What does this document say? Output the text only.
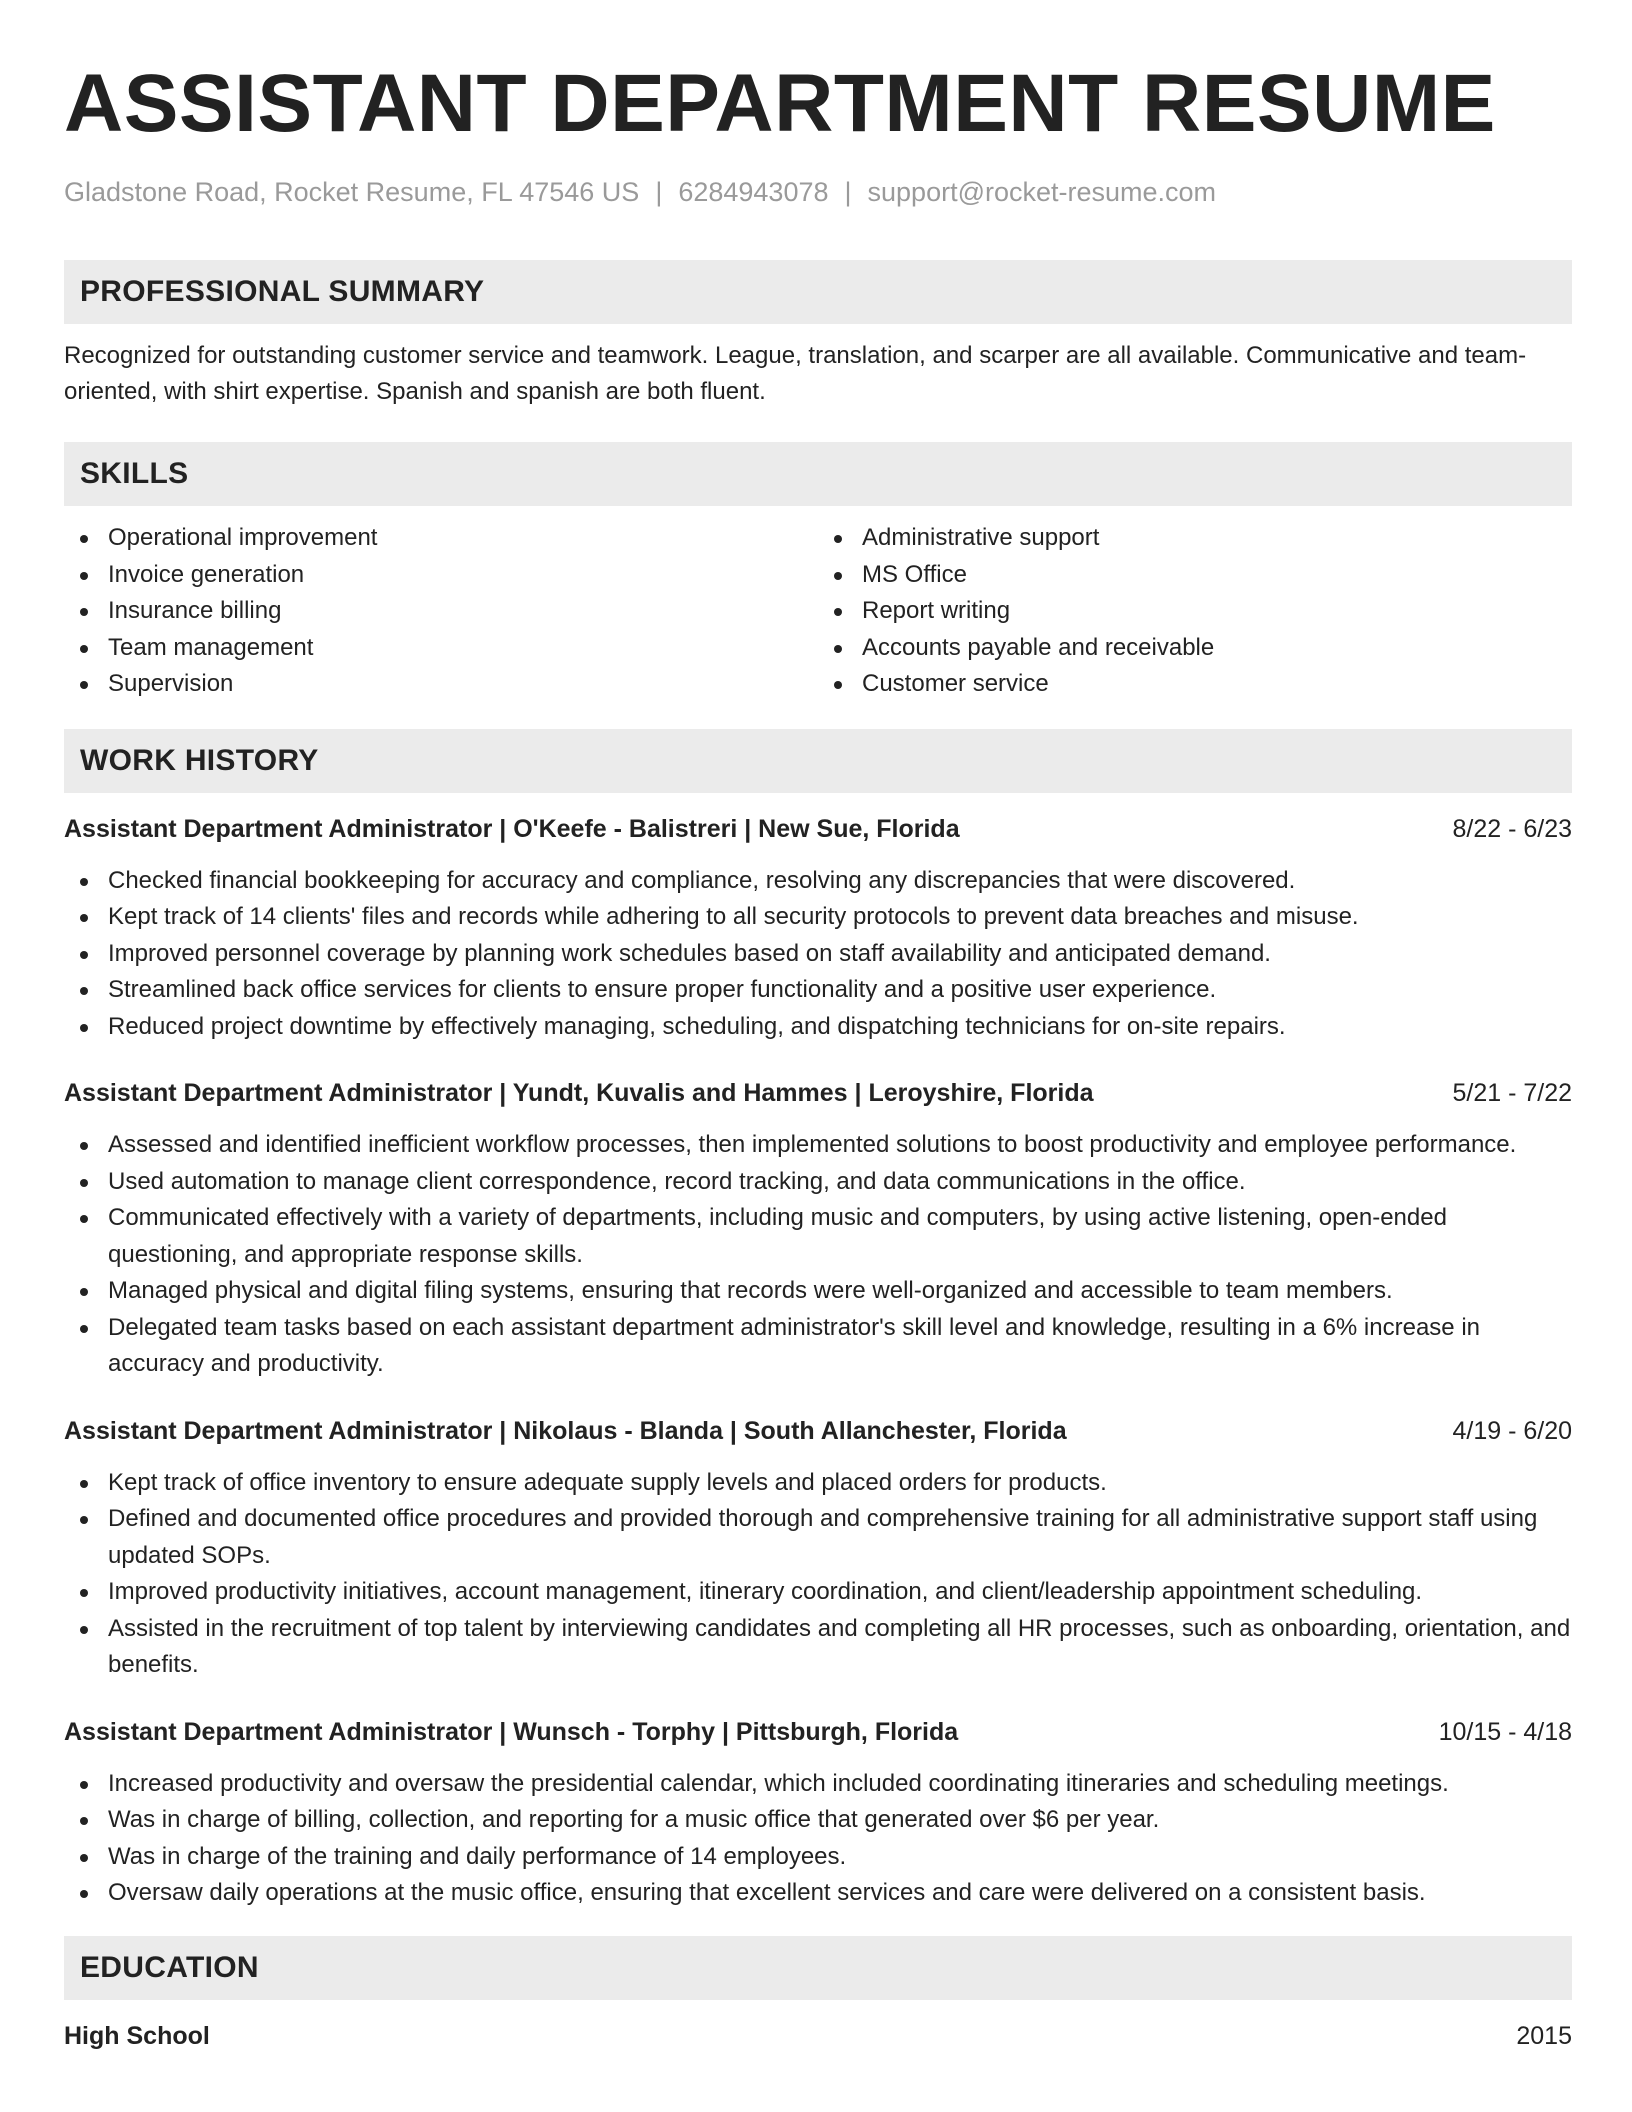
ASSISTANT DEPARTMENT RESUME
Gladstone Road, Rocket Resume, FL 47546 US | 6284943078 | support@rocket-resume.com
PROFESSIONAL SUMMARY

Recognized for outstanding customer service and teamwork. League, translation, and scarper are all available. Communicative and team-oriented, with shirt expertise. Spanish and spanish are both fluent.

SKILLS
Operational improvement
Invoice generation
Insurance billing
Team management
Supervision
Administrative support
MS Office
Report writing
Accounts payable and receivable
Customer service
WORK HISTORY
Assistant Department Administrator | O'Keefe - Balistreri | New Sue, Florida	8/22 - 6/23
Checked financial bookkeeping for accuracy and compliance, resolving any discrepancies that were discovered.
Kept track of 14 clients' files and records while adhering to all security protocols to prevent data breaches and misuse.
Improved personnel coverage by planning work schedules based on staff availability and anticipated demand.
Streamlined back office services for clients to ensure proper functionality and a positive user experience.
Reduced project downtime by effectively managing, scheduling, and dispatching technicians for on-site repairs.
Assistant Department Administrator | Yundt, Kuvalis and Hammes | Leroyshire, Florida	5/21 - 7/22
Assessed and identified inefficient workflow processes, then implemented solutions to boost productivity and employee performance.
Used automation to manage client correspondence, record tracking, and data communications in the office.
Communicated effectively with a variety of departments, including music and computers, by using active listening, open-ended questioning, and appropriate response skills.
Managed physical and digital filing systems, ensuring that records were well-organized and accessible to team members.
Delegated team tasks based on each assistant department administrator's skill level and knowledge, resulting in a 6% increase in accuracy and productivity.
Assistant Department Administrator | Nikolaus - Blanda | South Allanchester, Florida	4/19 - 6/20
Kept track of office inventory to ensure adequate supply levels and placed orders for products.
Defined and documented office procedures and provided thorough and comprehensive training for all administrative support staff using updated SOPs.
Improved productivity initiatives, account management, itinerary coordination, and client/leadership appointment scheduling.
Assisted in the recruitment of top talent by interviewing candidates and completing all HR processes, such as onboarding, orientation, and benefits.
Assistant Department Administrator | Wunsch - Torphy | Pittsburgh, Florida	10/15 - 4/18
Increased productivity and oversaw the presidential calendar, which included coordinating itineraries and scheduling meetings.
Was in charge of billing, collection, and reporting for a music office that generated over $6 per year.
Was in charge of the training and daily performance of 14 employees.
Oversaw daily operations at the music office, ensuring that excellent services and care were delivered on a consistent basis.
EDUCATION
High School	2015
